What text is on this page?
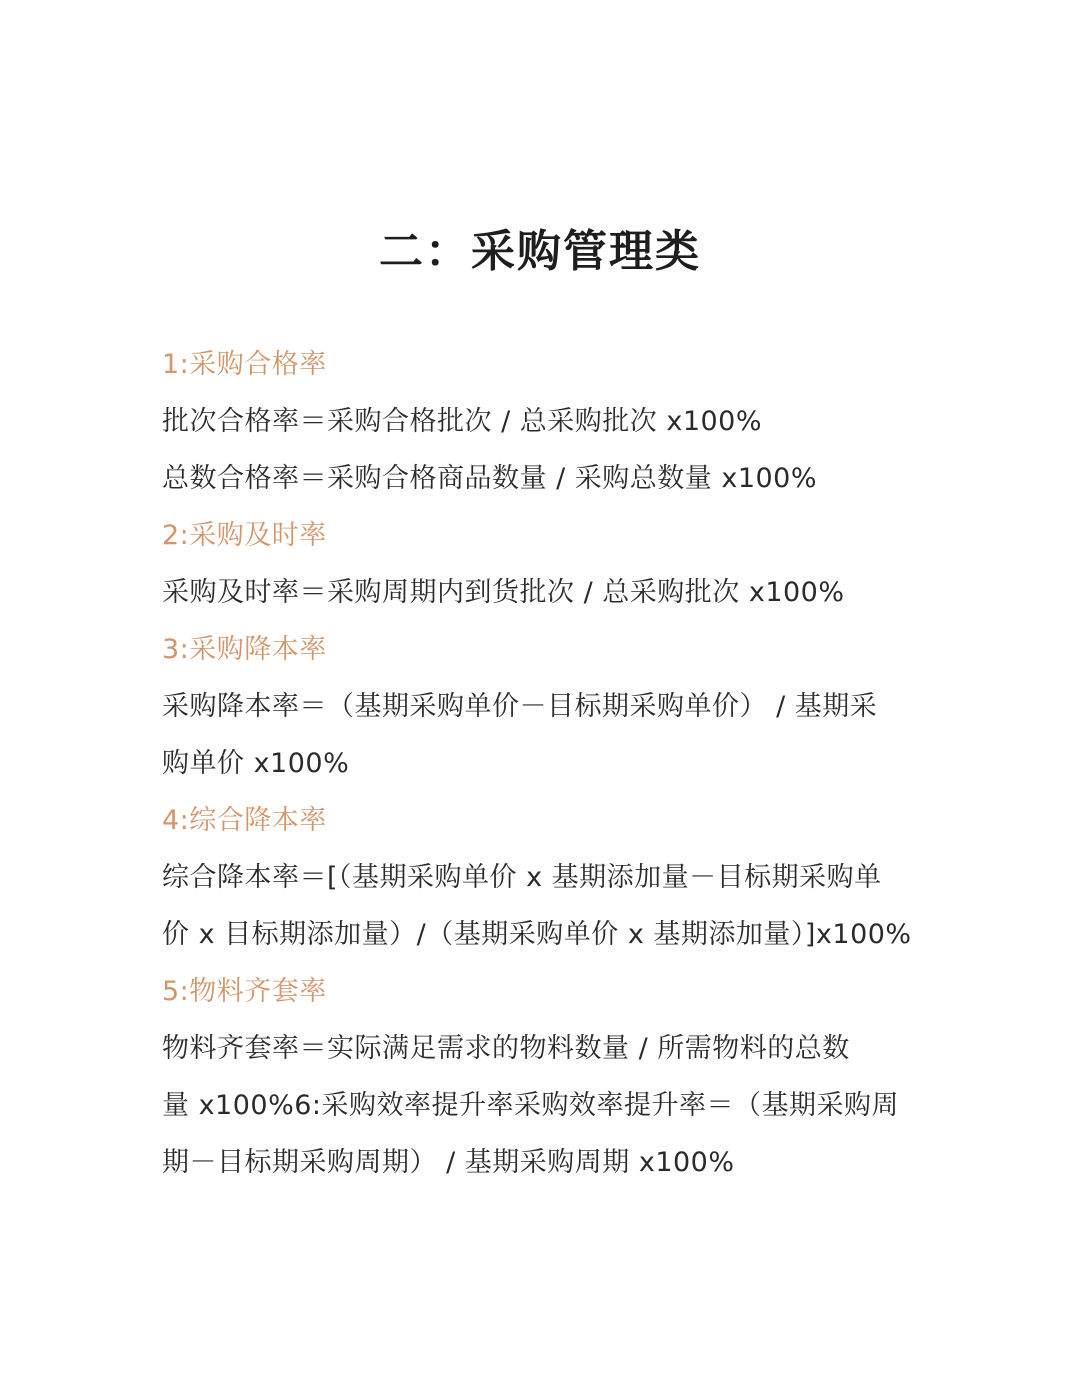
二：采购管理类
1:采购合格率
批次合格率＝采购合格批次 / 总采购批次 x100%
总数合格率＝采购合格商品数量 / 采购总数量 x100%
2:采购及时率
采购及时率＝采购周期内到货批次 / 总采购批次 x100%
3:采购降本率
采购降本率＝（基期采购单价－目标期采购单价） / 基期采
购单价 x100%
4:综合降本率
综合降本率＝[（基期采购单价 x 基期添加量－目标期采购单
价 x 目标期添加量）/（基期采购单价 x 基期添加量）]x100%
5:物料齐套率
物料齐套率＝实际满足需求的物料数量 / 所需物料的总数
量 x100%6:采购效率提升率采购效率提升率＝（基期采购周
期－目标期采购周期） / 基期采购周期 x100%
